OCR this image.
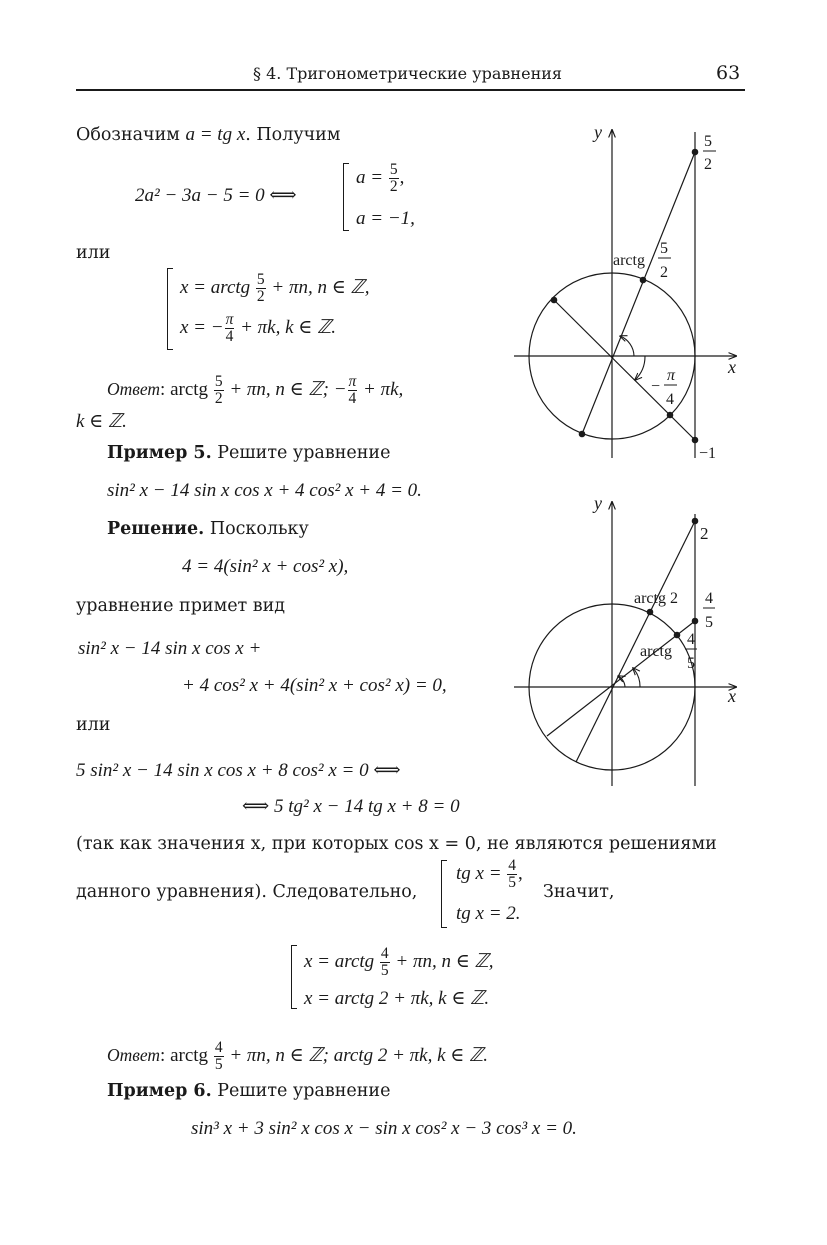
§ 4. Тригонометрические уравнения	63
Обозначим a = tg x. Получим
2a² − 3a − 5 = 0 ⟺
$a = \frac{5}{2}$ ,
a = −1,
или
x = arctg $\frac{5}{2} + \pi n$, n ∈ ℤ,
x = − $\frac{\pi}{4} + \pi k$, k ∈ ℤ.
Ответ: arctg $\frac{5}{2} + \pi n$, n ∈ ℤ; − $\frac{\pi}{4} + \pi k$,
k ∈ ℤ.
Пример 5. Решите уравнение
sin² x − 14 sin x cos x + 4 cos² x + 4 = 0.
Решение. Поскольку
4 = 4(sin² x + cos² x),
уравнение примет вид
sin² x − 14 sin x cos x +
+ 4 cos² x + 4(sin² x + cos² x) = 0,
или
5 sin² x − 14 sin x cos x + 8 cos² x = 0 ⟺
⟺ 5 tg² x − 14 tg x + 8 = 0
(так как значения x, при которых cos x = 0, не являются решениями
данного уравнения). Следовательно,
tg $x = \frac{4}{5}$ ,
tg x = 2.
Значит,
x = arctg $\frac{4}{5} + \pi n$, n ∈ ℤ,
x = arctg 2 + πk, k ∈ ℤ.
Ответ: arctg $\frac{4}{5} + \pi n$, n ∈ ℤ; arctg 2 + πk, k ∈ ℤ.
Пример 6. Решите уравнение
sin³ x + 3 sin² x cos x − sin x cos² x − 3 cos³ x = 0.
x
y	5
2
arctg
5
2
−
π
4
−1
x
y
2
arctg 2 4
5
arctg
4
5
